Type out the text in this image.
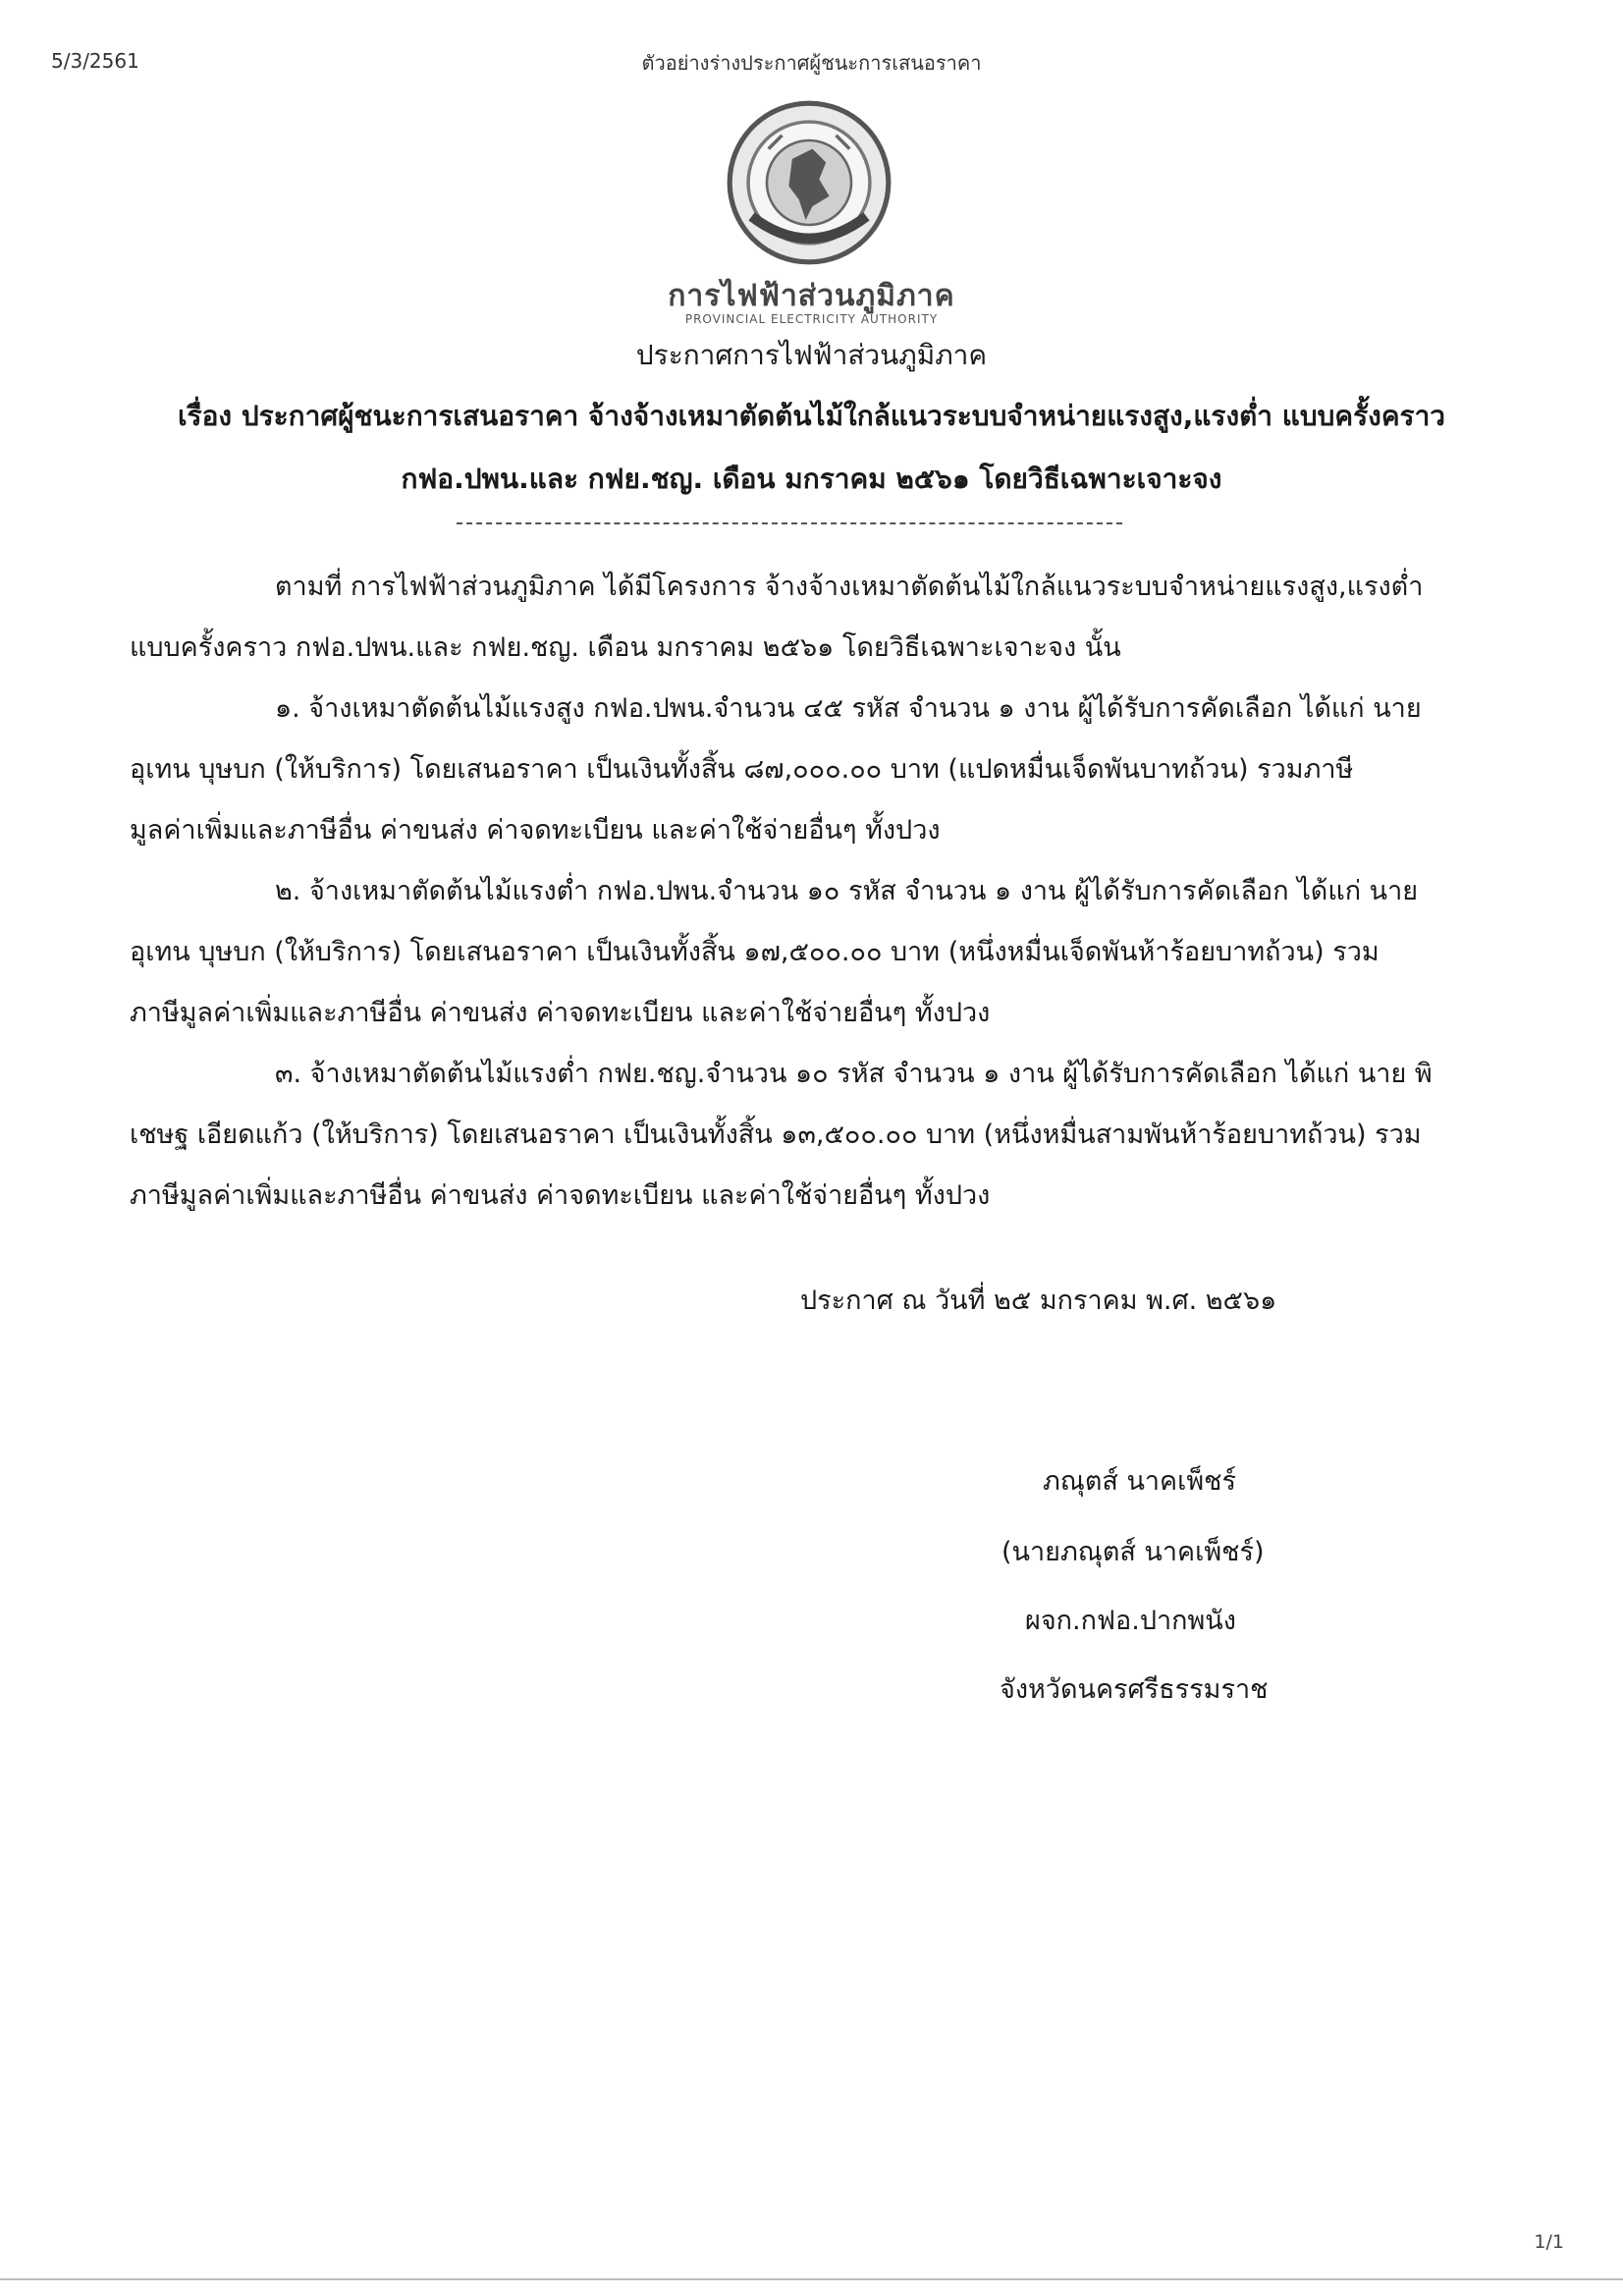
5/3/2561	ตัวอย่างร่างประกาศผู้ชนะการเสนอราคา
การไฟฟ้าส่วนภูมิภาค
PROVINCIAL ELECTRICITY AUTHORITY
ประกาศการไฟฟ้าส่วนภูมิภาค
เรื่อง ประกาศผู้ชนะการเสนอราคา จ้างจ้างเหมาตัดต้นไม้ใกล้แนวระบบจำหน่ายแรงสูง,แรงต่ำ แบบครั้งคราว
กฟอ.ปพน.และ กฟย.ชญ. เดือน มกราคม ๒๕๖๑ โดยวิธีเฉพาะเจาะจง
ตามที่ การไฟฟ้าส่วนภูมิภาค ได้มีโครงการ จ้างจ้างเหมาตัดต้นไม้ใกล้แนวระบบจำหน่ายแรงสูง,แรงต่ำ
แบบครั้งคราว กฟอ.ปพน.และ กฟย.ชญ. เดือน มกราคม ๒๕๖๑ โดยวิธีเฉพาะเจาะจง นั้น
๑. จ้างเหมาตัดต้นไม้แรงสูง กฟอ.ปพน.จำนวน ๔๕ รหัส จำนวน ๑ งาน ผู้ได้รับการคัดเลือก ได้แก่ นาย
อุเทน บุษบก (ให้บริการ) โดยเสนอราคา เป็นเงินทั้งสิ้น ๘๗,๐๐๐.๐๐ บาท (แปดหมื่นเจ็ดพันบาทถ้วน) รวมภาษี
มูลค่าเพิ่มและภาษีอื่น ค่าขนส่ง ค่าจดทะเบียน และค่าใช้จ่ายอื่นๆ ทั้งปวง
๒. จ้างเหมาตัดต้นไม้แรงต่ำ กฟอ.ปพน.จำนวน ๑๐ รหัส จำนวน ๑ งาน ผู้ได้รับการคัดเลือก ได้แก่ นาย
อุเทน บุษบก (ให้บริการ) โดยเสนอราคา เป็นเงินทั้งสิ้น ๑๗,๕๐๐.๐๐ บาท (หนึ่งหมื่นเจ็ดพันห้าร้อยบาทถ้วน) รวม
ภาษีมูลค่าเพิ่มและภาษีอื่น ค่าขนส่ง ค่าจดทะเบียน และค่าใช้จ่ายอื่นๆ ทั้งปวง
๓. จ้างเหมาตัดต้นไม้แรงต่ำ กฟย.ชญ.จำนวน ๑๐ รหัส จำนวน ๑ งาน ผู้ได้รับการคัดเลือก ได้แก่ นาย พิ
เชษฐ เอียดแก้ว (ให้บริการ) โดยเสนอราคา เป็นเงินทั้งสิ้น ๑๓,๕๐๐.๐๐ บาท (หนึ่งหมื่นสามพันห้าร้อยบาทถ้วน) รวม
ภาษีมูลค่าเพิ่มและภาษีอื่น ค่าขนส่ง ค่าจดทะเบียน และค่าใช้จ่ายอื่นๆ ทั้งปวง
ประกาศ ณ วันที่ ๒๕ มกราคม พ.ศ. ๒๕๖๑
ภณุตส์ นาคเพ็ชร์
(นายภณุตส์ นาคเพ็ชร์)
ผจก.กฟอ.ปากพนัง
จังหวัดนครศรีธรรมราช
1/1
